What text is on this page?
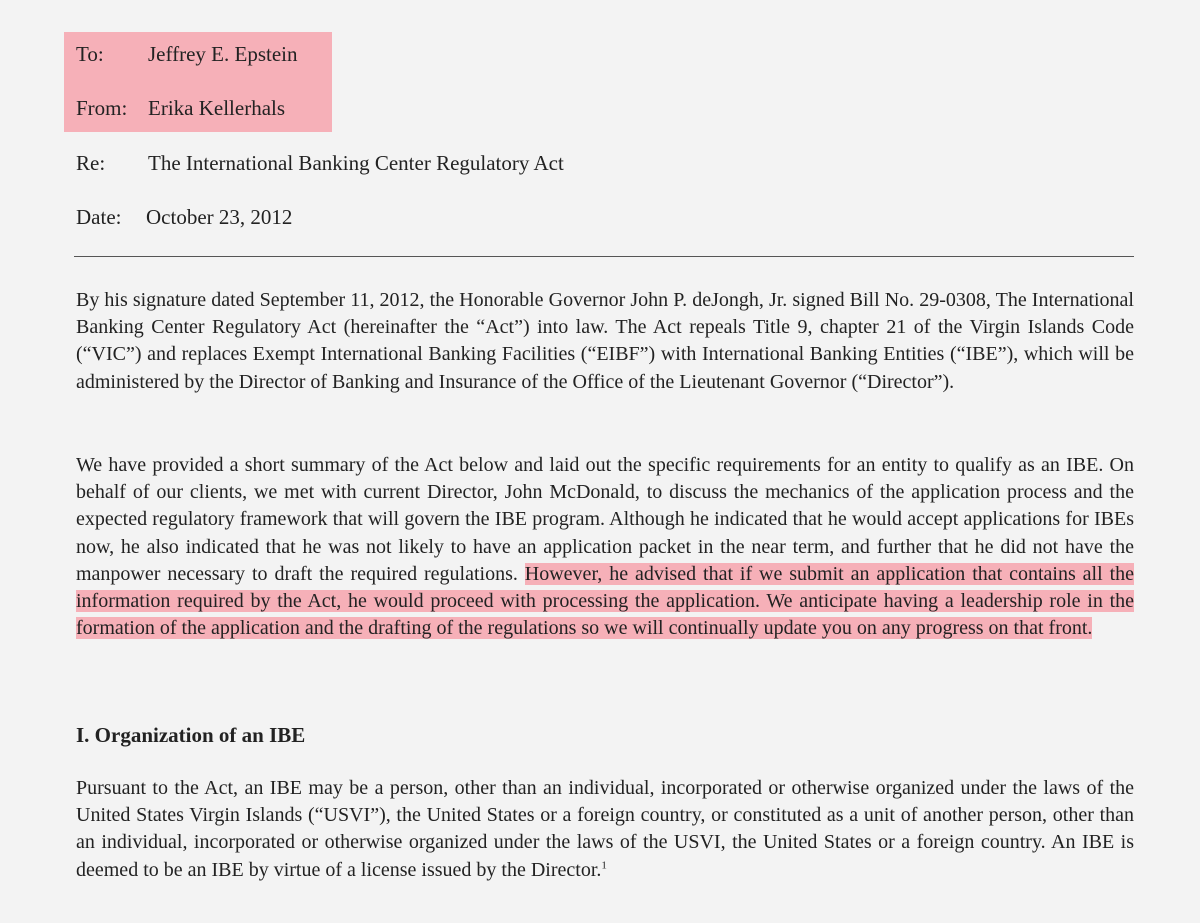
To: Jeffrey E. Epstein
From: Erika Kellerhals
Re: The International Banking Center Regulatory Act
Date: October 23, 2012
By his signature dated September 11, 2012, the Honorable Governor John P. deJongh, Jr. signed Bill No. 29-0308, The International Banking Center Regulatory Act (hereinafter the “Act”) into law. The Act repeals Title 9, chapter 21 of the Virgin Islands Code (“VIC”) and replaces Exempt International Banking Facilities (“EIBF”) with International Banking Entities (“IBE”), which will be administered by the Director of Banking and Insurance of the Office of the Lieutenant Governor (“Director”).
We have provided a short summary of the Act below and laid out the specific requirements for an entity to qualify as an IBE. On behalf of our clients, we met with current Director, John McDonald, to discuss the mechanics of the application process and the expected regulatory framework that will govern the IBE program. Although he indicated that he would accept applications for IBEs now, he also indicated that he was not likely to have an application packet in the near term, and further that he did not have the manpower necessary to draft the required regulations. However, he advised that if we submit an application that contains all the information required by the Act, he would proceed with processing the application. We anticipate having a leadership role in the formation of the application and the drafting of the regulations so we will continually update you on any progress on that front.
I. Organization of an IBE
Pursuant to the Act, an IBE may be a person, other than an individual, incorporated or otherwise organized under the laws of the United States Virgin Islands (“USVI”), the United States or a foreign country, or constituted as a unit of another person, other than an individual, incorporated or otherwise organized under the laws of the USVI, the United States or a foreign country. An IBE is deemed to be an IBE by virtue of a license issued by the Director.$^1$
